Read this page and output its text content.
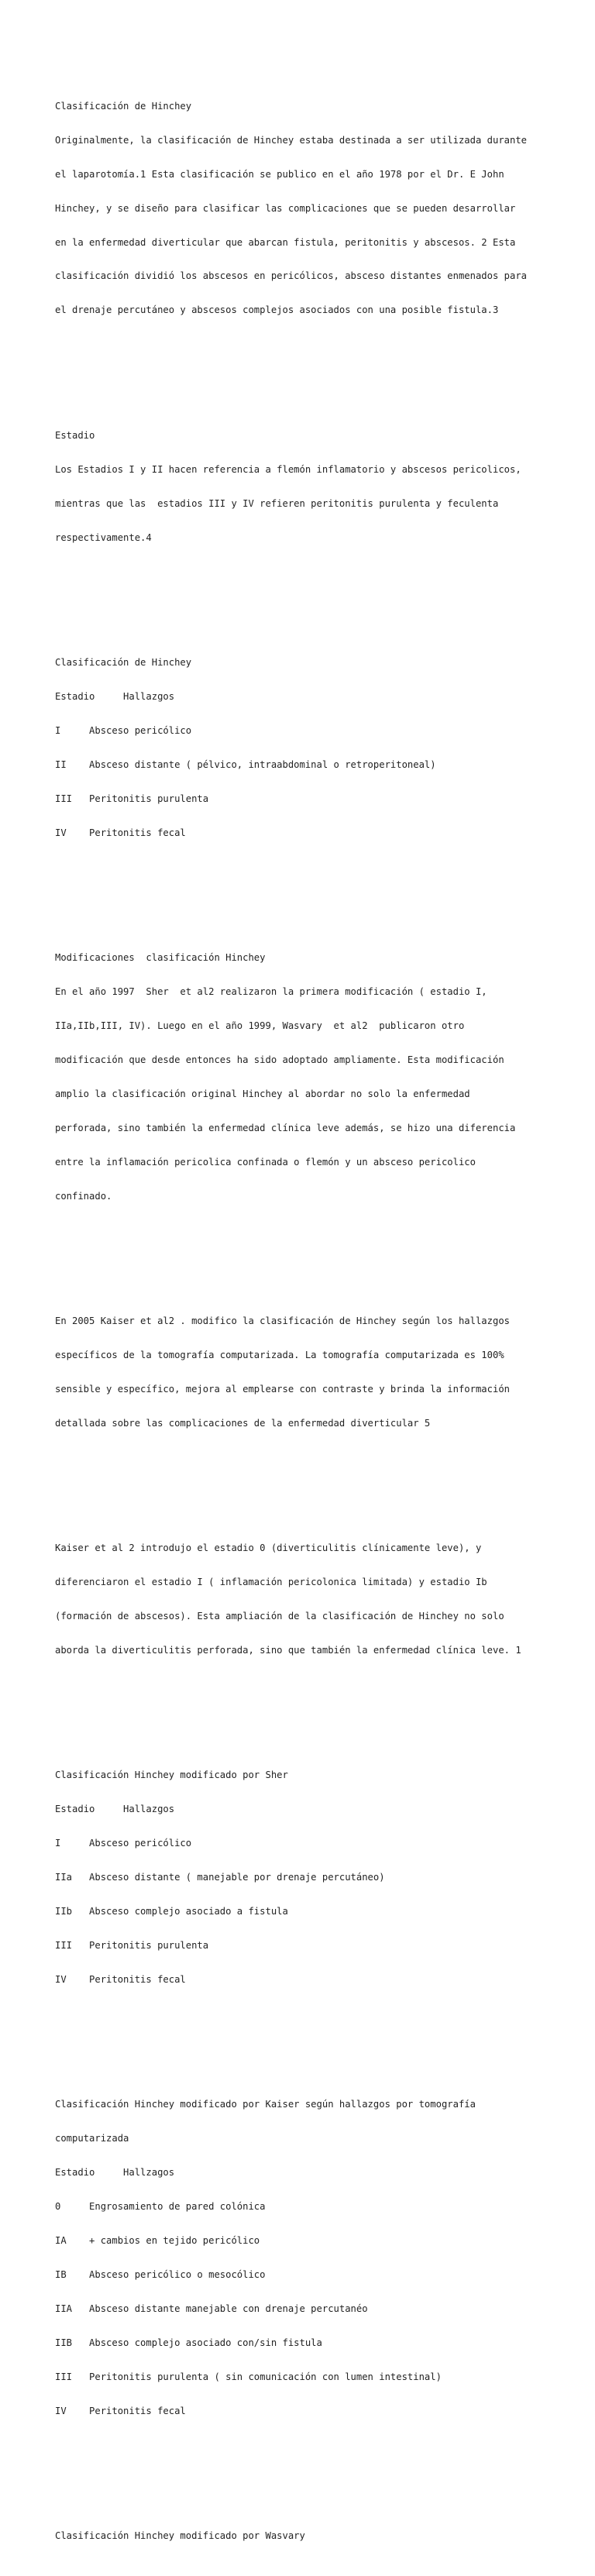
Clasificación de Hinchey

Originalmente, la clasificación de Hinchey estaba destinada a ser utilizada durante

el laparotomía.1 Esta clasificación se publico en el año 1978 por el Dr. E John

Hinchey, y se diseño para clasificar las complicaciones que se pueden desarrollar

en la enfermedad diverticular que abarcan fistula, peritonitis y abscesos. 2 Esta

clasificación dividió los abscesos en pericólicos, absceso distantes enmenados para

el drenaje percutáneo y abscesos complejos asociados con una posible fistula.3

Estadio

Los Estadios I y II hacen referencia a flemón inflamatorio y abscesos pericolicos,

mientras que las  estadios III y IV refieren peritonitis purulenta y feculenta

respectivamente.4

Clasificación de Hinchey

Estadio     Hallazgos

I     Absceso pericólico

II    Absceso distante ( pélvico, intraabdominal o retroperitoneal)

III   Peritonitis purulenta

IV    Peritonitis fecal

Modificaciones  clasificación Hinchey

En el año 1997  Sher  et al2 realizaron la primera modificación ( estadio I,

IIa,IIb,III, IV). Luego en el año 1999, Wasvary  et al2  publicaron otro

modificación que desde entonces ha sido adoptado ampliamente. Esta modificación

amplio la clasificación original Hinchey al abordar no solo la enfermedad

perforada, sino también la enfermedad clínica leve además, se hizo una diferencia

entre la inflamación pericolica confinada o flemón y un absceso pericolico

confinado.

En 2005 Kaiser et al2 . modifico la clasificación de Hinchey según los hallazgos

específicos de la tomografía computarizada. La tomografía computarizada es 100%

sensible y específico, mejora al emplearse con contraste y brinda la información

detallada sobre las complicaciones de la enfermedad diverticular 5

Kaiser et al 2 introdujo el estadio 0 (diverticulitis clínicamente leve), y

diferenciaron el estadio I ( inflamación pericolonica limitada) y estadio Ib

(formación de abscesos). Esta ampliación de la clasificación de Hinchey no solo

aborda la diverticulitis perforada, sino que también la enfermedad clínica leve. 1

Clasificación Hinchey modificado por Sher

Estadio     Hallazgos

I     Absceso pericólico

IIa   Absceso distante ( manejable por drenaje percutáneo)

IIb   Absceso complejo asociado a fistula

III   Peritonitis purulenta

IV    Peritonitis fecal

Clasificación Hinchey modificado por Kaiser según hallazgos por tomografía

computarizada

Estadio     Hallzagos

0     Engrosamiento de pared colónica

IA    + cambios en tejido pericólico

IB    Absceso pericólico o mesocólico

IIA   Absceso distante manejable con drenaje percutanéo

IIB   Absceso complejo asociado con/sin fistula

III   Peritonitis purulenta ( sin comunicación con lumen intestinal)

IV    Peritonitis fecal

Clasificación Hinchey modificado por Wasvary
